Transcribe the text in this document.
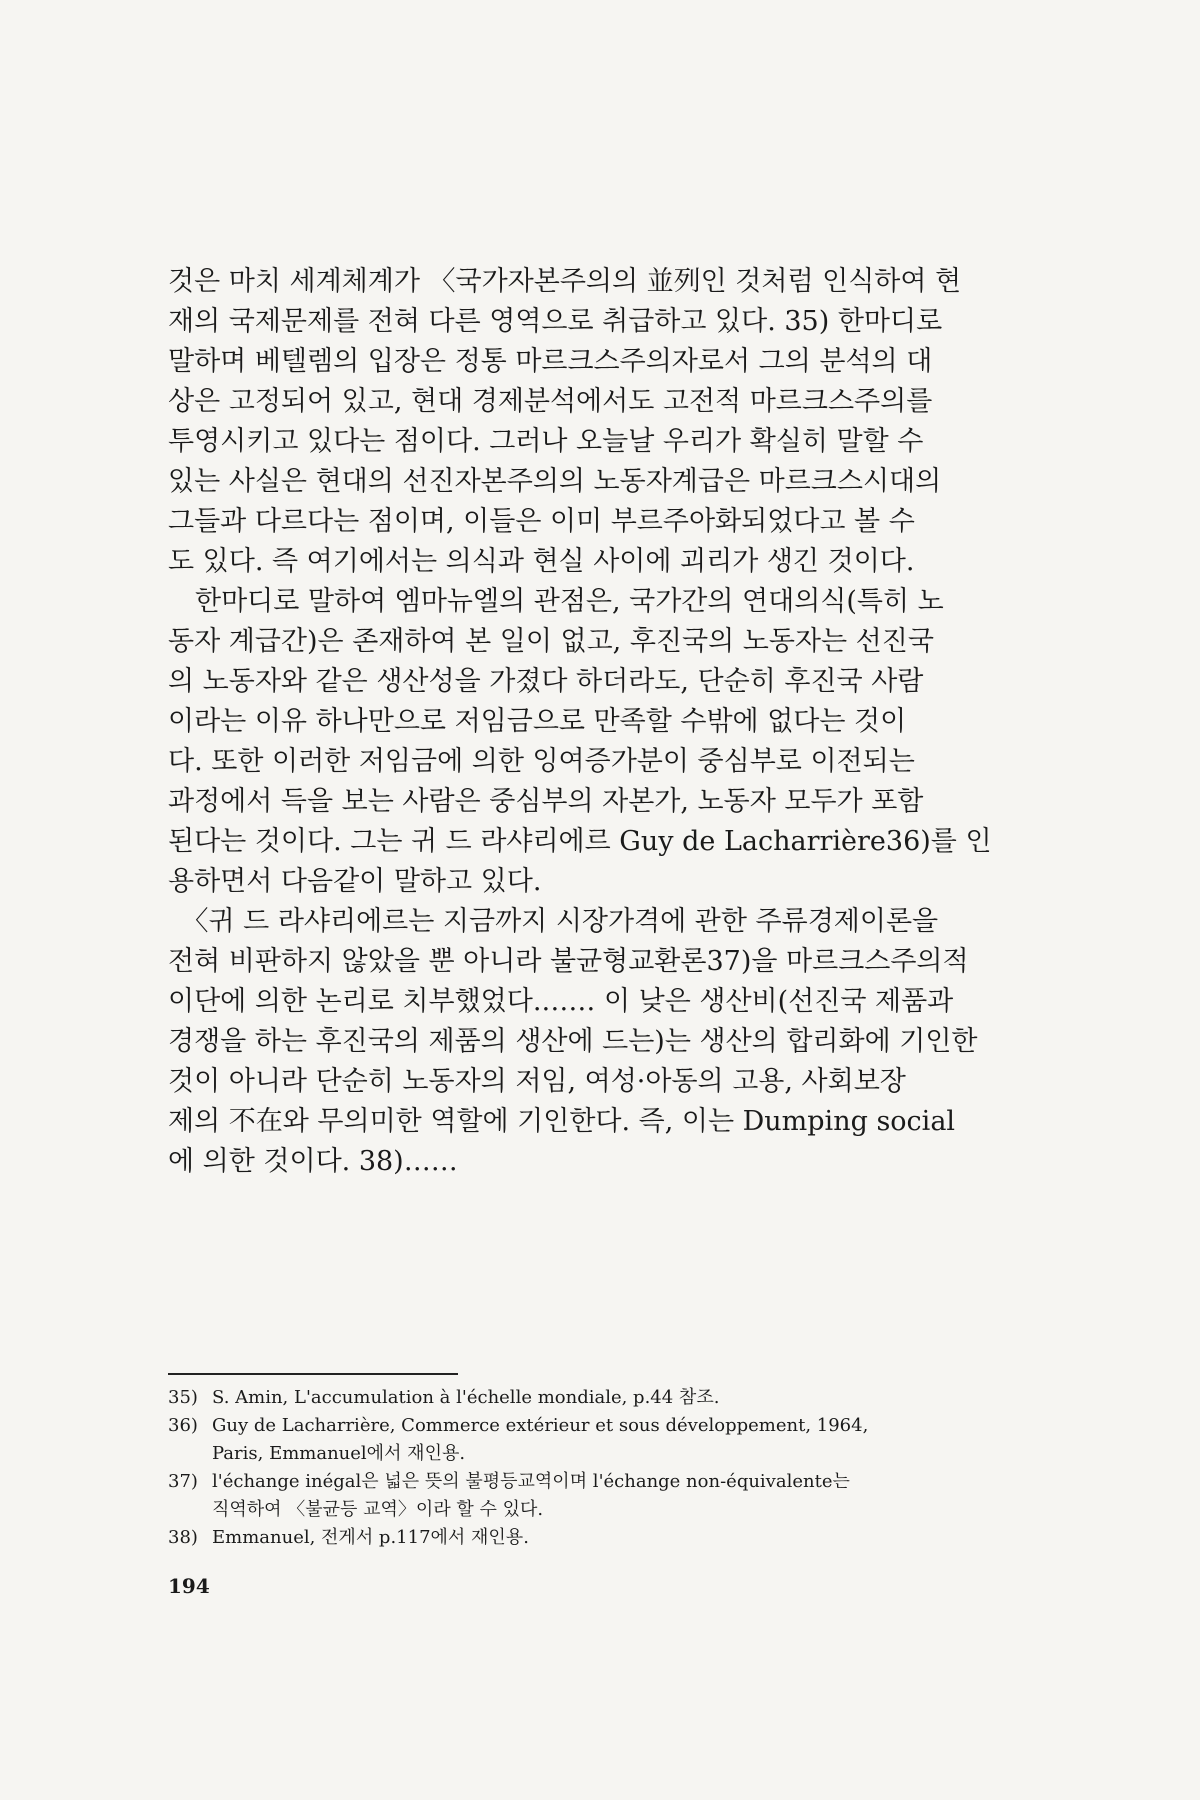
것은 마치 세계체계가 〈국가자본주의의 並列인 것처럼 인식하여 현
재의 국제문제를 전혀 다른 영역으로 취급하고 있다. 35) 한마디로
말하며 베텔렘의 입장은 정통 마르크스주의자로서 그의 분석의 대
상은 고정되어 있고, 현대 경제분석에서도 고전적 마르크스주의를
투영시키고 있다는 점이다. 그러나 오늘날 우리가 확실히 말할 수
있는 사실은 현대의 선진자본주의의 노동자계급은 마르크스시대의
그들과 다르다는 점이며, 이들은 이미 부르주아화되었다고 볼 수
도 있다. 즉 여기에서는 의식과 현실 사이에 괴리가 생긴 것이다.
　한마디로 말하여 엠마뉴엘의 관점은, 국가간의 연대의식(특히 노
동자 계급간)은 존재하여 본 일이 없고, 후진국의 노동자는 선진국
의 노동자와 같은 생산성을 가졌다 하더라도, 단순히 후진국 사람
이라는 이유 하나만으로 저임금으로 만족할 수밖에 없다는 것이
다. 또한 이러한 저임금에 의한 잉여증가분이 중심부로 이전되는
과정에서 득을 보는 사람은 중심부의 자본가, 노동자 모두가 포함
된다는 것이다. 그는 귀 드 라샤리에르 Guy de Lacharrière36)를 인
용하면서 다음같이 말하고 있다.
　〈귀 드 라샤리에르는 지금까지 시장가격에 관한 주류경제이론을
전혀 비판하지 않았을 뿐 아니라 불균형교환론37)을 마르크스주의적
이단에 의한 논리로 치부했었다.…… 이 낮은 생산비(선진국 제품과
경쟁을 하는 후진국의 제품의 생산에 드는)는 생산의 합리화에 기인한
것이 아니라 단순히 노동자의 저임, 여성·아동의 고용, 사회보장
제의 不在와 무의미한 역할에 기인한다. 즉, 이는 Dumping social
에 의한 것이다. 38)……
35) S. Amin, L'accumulation à l'échelle mondiale, p.44 참조.
36) Guy de Lacharrière, Commerce extérieur et sous développement, 1964,
Paris, Emmanuel에서 재인용.
37) l'échange inégal은 넓은 뜻의 불평등교역이며 l'échange non-équivalente는
직역하여 〈불균등 교역〉이라 할 수 있다.
38) Emmanuel, 전게서 p.117에서 재인용.
194
